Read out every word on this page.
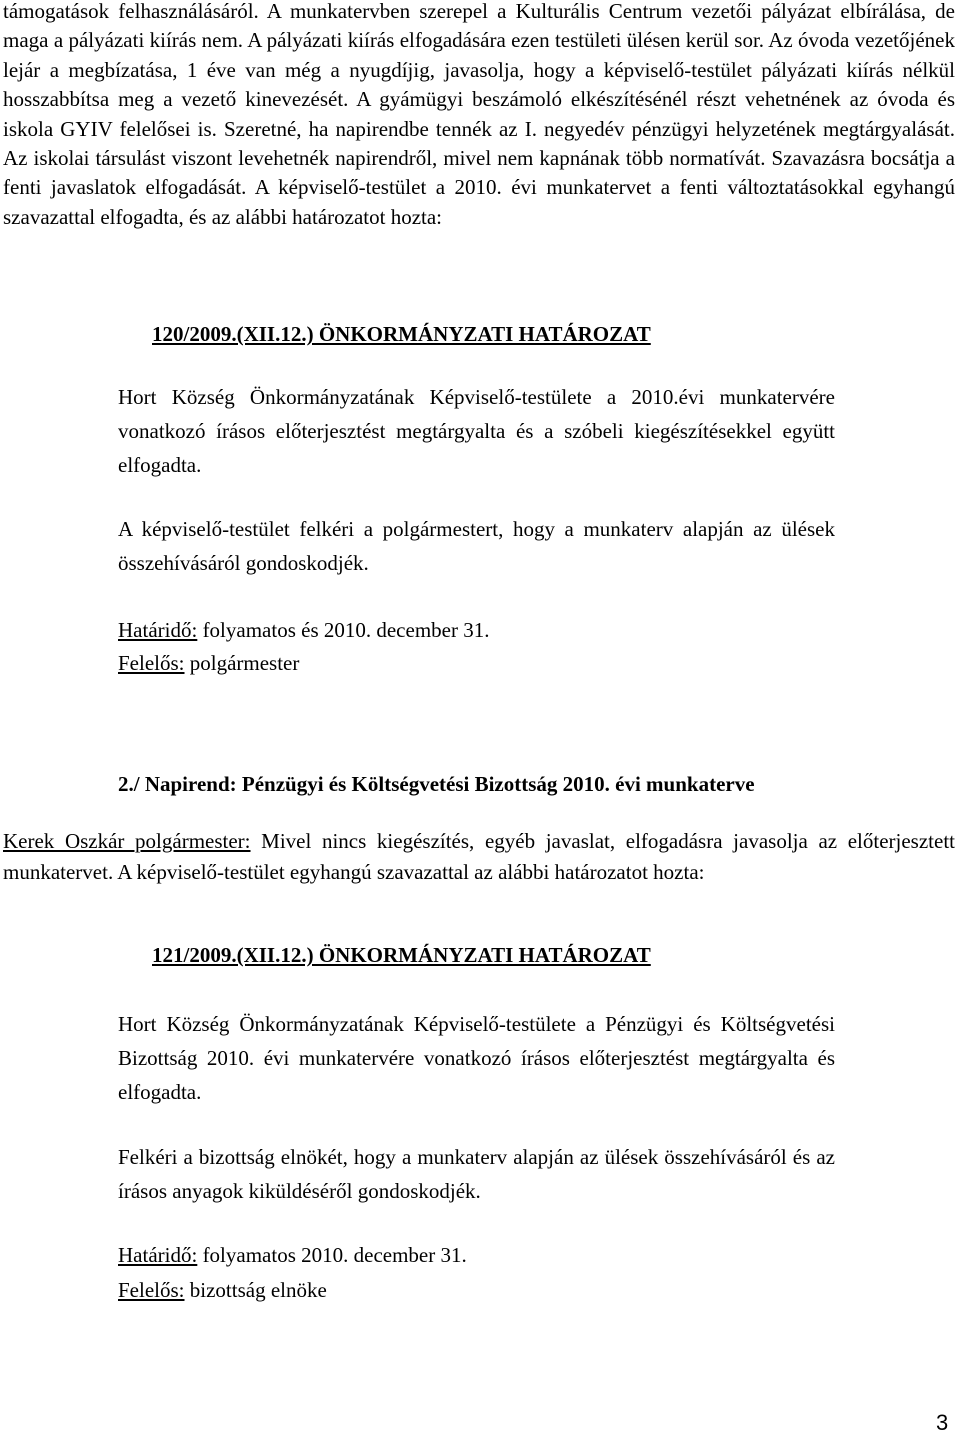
támogatások felhasználásáról. A munkatervben szerepel a Kulturális Centrum vezetői pályázat elbírálása, de maga a pályázati kiírás nem. A pályázati kiírás elfogadására ezen testületi ülésen kerül sor. Az óvoda vezetőjének lejár a megbízatása, 1 éve van még a nyugdíjig, javasolja, hogy a képviselő-testület pályázati kiírás nélkül hosszabbítsa meg a vezető kinevezését. A gyámügyi beszámoló elkészítésénél részt vehetnének az óvoda és iskola GYIV felelősei is. Szeretné, ha napirendbe tennék az I. negyedév pénzügyi helyzetének megtárgyalását. Az iskolai társulást viszont levehetnék napirendről, mivel nem kapnának több normatívát. Szavazásra bocsátja a fenti javaslatok elfogadását. A képviselő-testület a 2010. évi munkatervet a fenti változtatásokkal egyhangú szavazattal elfogadta, és az alábbi határozatot hozta:

120/2009.(XII.12.) ÖNKORMÁNYZATI HATÁROZAT

Hort Község Önkormányzatának Képviselő-testülete a 2010.évi munkatervére vonatkozó írásos előterjesztést megtárgyalta és a szóbeli kiegészítésekkel együtt elfogadta.

A képviselő-testület felkéri a polgármestert, hogy a munkaterv alapján az ülések összehívásáról gondoskodjék.

Határidő: folyamatos és 2010. december 31.
Felelős: polgármester
2./ Napirend: Pénzügyi és Költségvetési Bizottság 2010. évi munkaterve

Kerek Oszkár polgármester: Mivel nincs kiegészítés, egyéb javaslat, elfogadásra javasolja az előterjesztett munkatervet. A képviselő-testület egyhangú szavazattal az alábbi határozatot hozta:

121/2009.(XII.12.) ÖNKORMÁNYZATI HATÁROZAT

Hort Község Önkormányzatának Képviselő-testülete a Pénzügyi és Költségvetési Bizottság 2010. évi munkatervére vonatkozó írásos előterjesztést megtárgyalta és elfogadta.

Felkéri a bizottság elnökét, hogy a munkaterv alapján az ülések összehívásáról és az írásos anyagok kiküldéséről gondoskodjék.

Határidő: folyamatos 2010. december 31.
Felelős: bizottság elnöke
3
